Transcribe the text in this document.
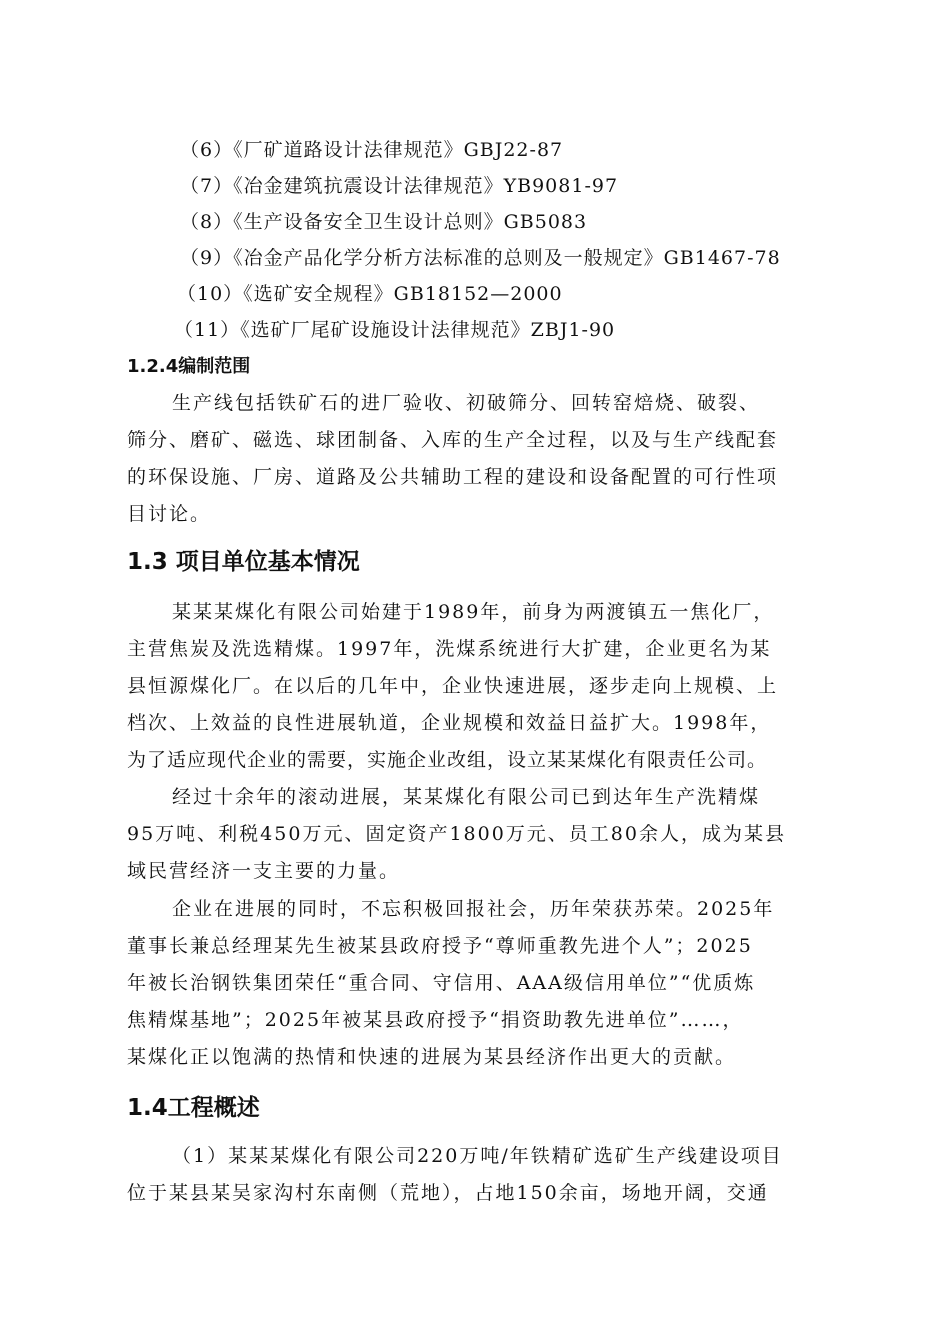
（6）《厂矿道路设计法律规范》GBJ22-87
（7）《冶金建筑抗震设计法律规范》YB9081-97
（8）《生产设备安全卫生设计总则》GB5083
（9）《冶金产品化学分析方法标准的总则及一般规定》GB1467-78
（10）《选矿安全规程》GB18152—2000
（11）《选矿厂尾矿设施设计法律规范》ZBJ1-90
1.2.4编制范围
生产线包括铁矿石的进厂验收、初破筛分、回转窑焙烧、破裂、
筛分、磨矿、磁选、球团制备、入库的生产全过程，以及与生产线配套
的环保设施、厂房、道路及公共辅助工程的建设和设备配置的可行性项
目讨论。
1.3 项目单位基本情况
某某某煤化有限公司始建于1989年，前身为两渡镇五一焦化厂，
主营焦炭及洗选精煤。1997年，洗煤系统进行大扩建，企业更名为某
县恒源煤化厂。在以后的几年中，企业快速进展，逐步走向上规模、上
档次、上效益的良性进展轨道，企业规模和效益日益扩大。1998年，
为了适应现代企业的需要，实施企业改组，设立某某煤化有限责任公司。
经过十余年的滚动进展，某某煤化有限公司已到达年生产洗精煤
95万吨、利税450万元、固定资产1800万元、员工80余人，成为某县
域民营经济一支主要的力量。
企业在进展的同时，不忘积极回报社会，历年荣获苏荣。2025年
董事长兼总经理某先生被某县政府授予“尊师重教先进个人”；2025
年被长治钢铁集团荣任“重合同、守信用、AAA级信用单位”“优质炼
焦精煤基地”；2025年被某县政府授予“捐资助教先进单位”……，
某煤化正以饱满的热情和快速的进展为某县经济作出更大的贡献。
1.4工程概述
（1）某某某煤化有限公司220万吨/年铁精矿选矿生产线建设项目
位于某县某吴家沟村东南侧（荒地），占地150余亩，场地开阔，交通
